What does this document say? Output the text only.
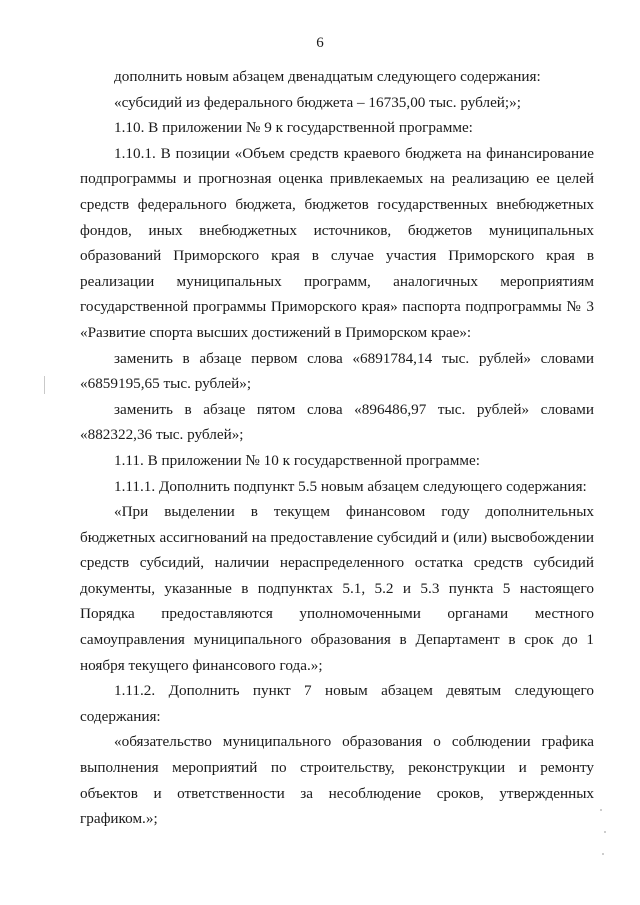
6

дополнить новым абзацем двенадцатым следующего содержания:

«субсидий из федерального бюджета – 16735,00 тыс. рублей;»;

1.10. В приложении № 9 к государственной программе:

1.10.1. В позиции «Объем средств краевого бюджета на финансирование подпрограммы и прогнозная оценка привлекаемых на реализацию ее целей средств федерального бюджета, бюджетов государственных внебюджетных фондов, иных внебюджетных источников, бюджетов муниципальных образований Приморского края в случае участия Приморского края в реализации муниципальных программ, аналогичных мероприятиям государственной программы Приморского края» паспорта подпрограммы № 3 «Развитие спорта высших достижений в Приморском крае»:

заменить в абзаце первом слова «6891784,14 тыс. рублей» словами «6859195,65 тыс. рублей»;

заменить в абзаце пятом слова «896486,97 тыс. рублей» словами «882322,36 тыс. рублей»;

1.11. В приложении № 10 к государственной программе:

1.11.1. Дополнить подпункт 5.5 новым абзацем следующего содержания:

«При выделении в текущем финансовом году дополнительных бюджетных ассигнований на предоставление субсидий и (или) высвобождении средств субсидий, наличии нераспределенного остатка средств субсидий документы, указанные в подпунктах 5.1, 5.2 и 5.3 пункта 5 настоящего Порядка предоставляются уполномоченными органами местного самоуправления муниципального образования в Департамент в срок до 1 ноября текущего финансового года.»;

1.11.2. Дополнить пункт 7 новым абзацем девятым следующего содержания:

«обязательство муниципального образования о соблюдении графика выполнения мероприятий по строительству, реконструкции и ремонту объектов и ответственности за несоблюдение сроков, утвержденных графиком.»;
